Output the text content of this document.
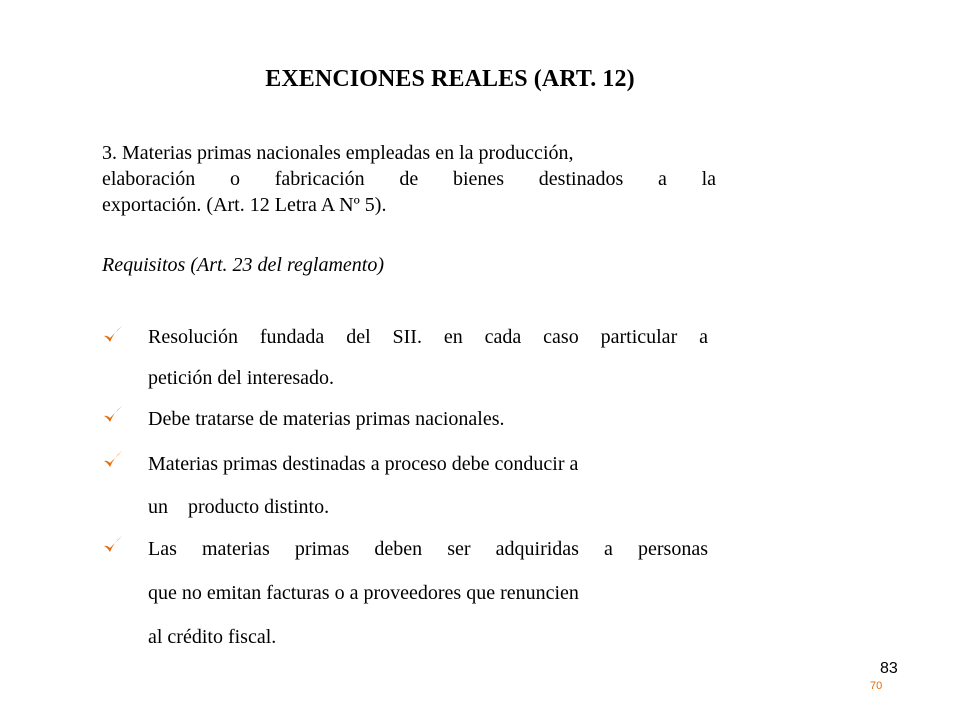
EXENCIONES REALES (ART. 12)
3. Materias primas nacionales empleadas en la producción,
elaboración o fabricación de bienes destinados a la
exportación. (Art. 12 Letra A Nº 5).
Requisitos (Art. 23 del reglamento)
Resolución fundada del SII. en cada caso particular a
petición del interesado.
Debe tratarse de materias primas nacionales.
Materias primas destinadas a proceso debe conducir a
un    producto distinto.
Las materias primas deben ser adquiridas a personas
que no emitan facturas o a proveedores que renuncien
al crédito fiscal.
83
70
